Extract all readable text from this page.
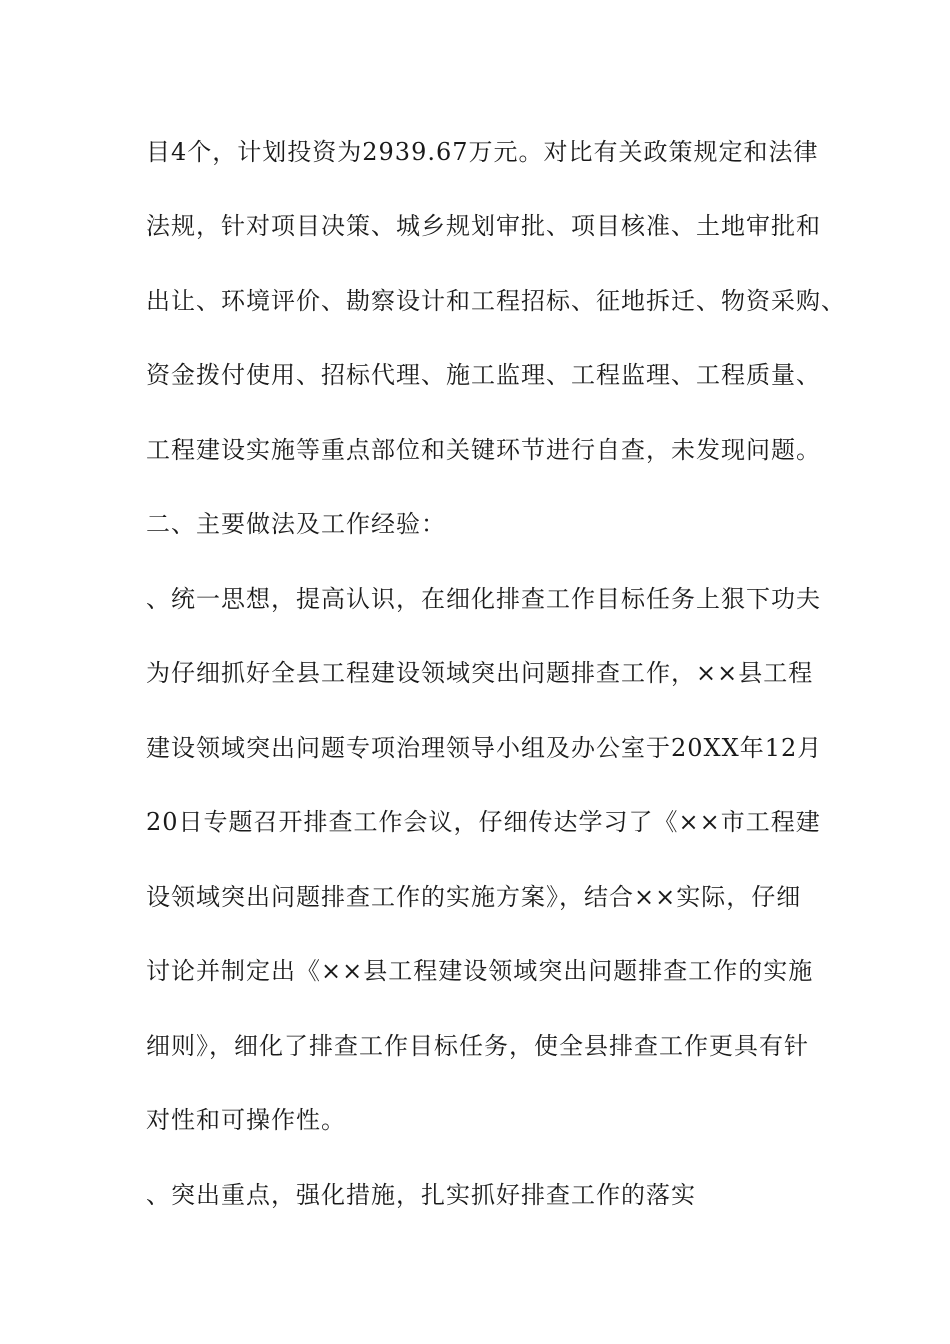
目4个，计划投资为2939.67万元。对比有关政策规定和法律
法规，针对项目决策、城乡规划审批、项目核准、土地审批和
出让、环境评价、勘察设计和工程招标、征地拆迁、物资采购、
资金拨付使用、招标代理、施工监理、工程监理、工程质量、
工程建设实施等重点部位和关键环节进行自查，未发现问题。
二、主要做法及工作经验：
、统一思想，提高认识，在细化排查工作目标任务上狠下功夫
为仔细抓好全县工程建设领域突出问题排查工作，××县工程
建设领域突出问题专项治理领导小组及办公室于20XX年12月
20日专题召开排查工作会议，仔细传达学习了《××市工程建
设领域突出问题排查工作的实施方案》，结合××实际，仔细
讨论并制定出《××县工程建设领域突出问题排查工作的实施
细则》，细化了排查工作目标任务，使全县排查工作更具有针
对性和可操作性。
、突出重点，强化措施，扎实抓好排查工作的落实
